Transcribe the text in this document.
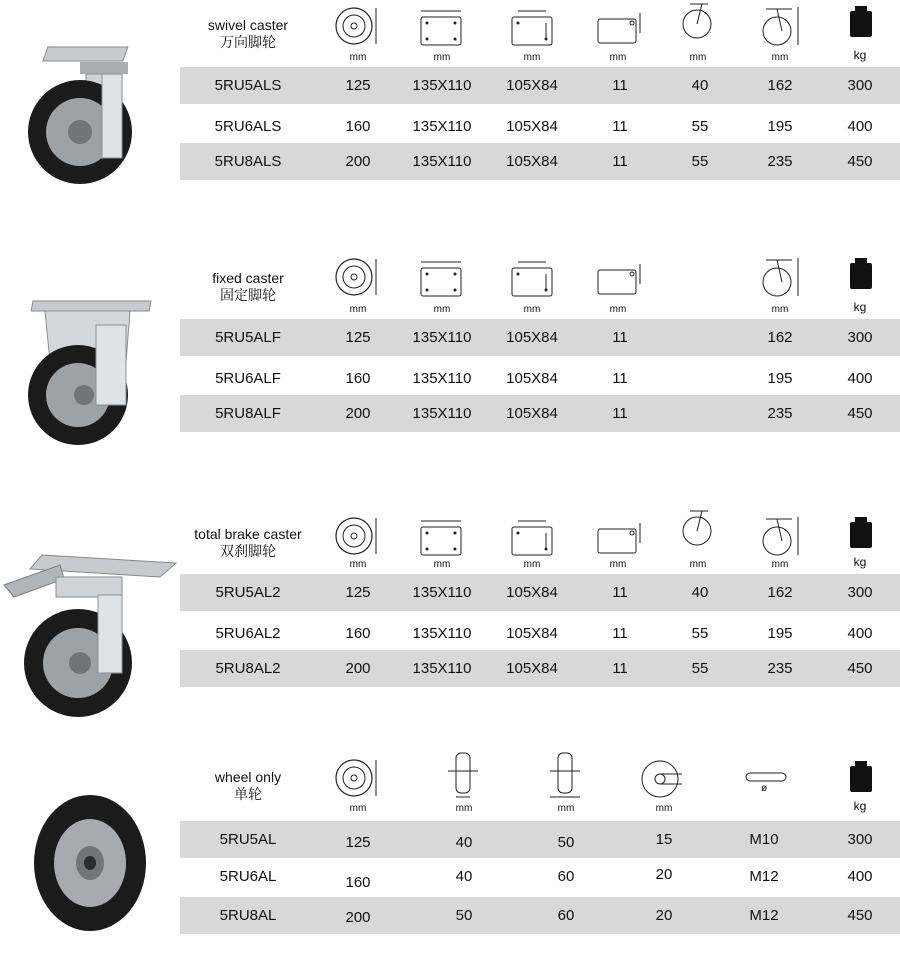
swivel caster
万向脚轮
mm	mm	mm	mm	mm	mm	kg
5RU5ALS	125	135X110	105X84	11	40	162	300
5RU6ALS	160	135X110	105X84	11	55	195	400
5RU8ALS	200	135X110	105X84	11	55	235	450
fixed caster
固定脚轮
mm	mm	mm	mm	mm	kg
5RU5ALF	125	135X110	105X84	11	162	300
5RU6ALF	160	135X110	105X84	11	195	400
5RU8ALF	200	135X110	105X84	11	235	450
total brake caster
双刹脚轮
mm	mm	mm	mm	mm	mm	kg
5RU5AL2	125	135X110	105X84	11	40	162	300
5RU6AL2	160	135X110	105X84	11	55	195	400
5RU8AL2	200	135X110	105X84	11	55	235	450
wheel only
单轮
mm	mm	mm	mm
ø
kg
5RU5AL	125	40	50	15	M10	300
5RU6AL	160	40	60	20	M12	400
5RU8AL	200	50	60	20	M12	450
